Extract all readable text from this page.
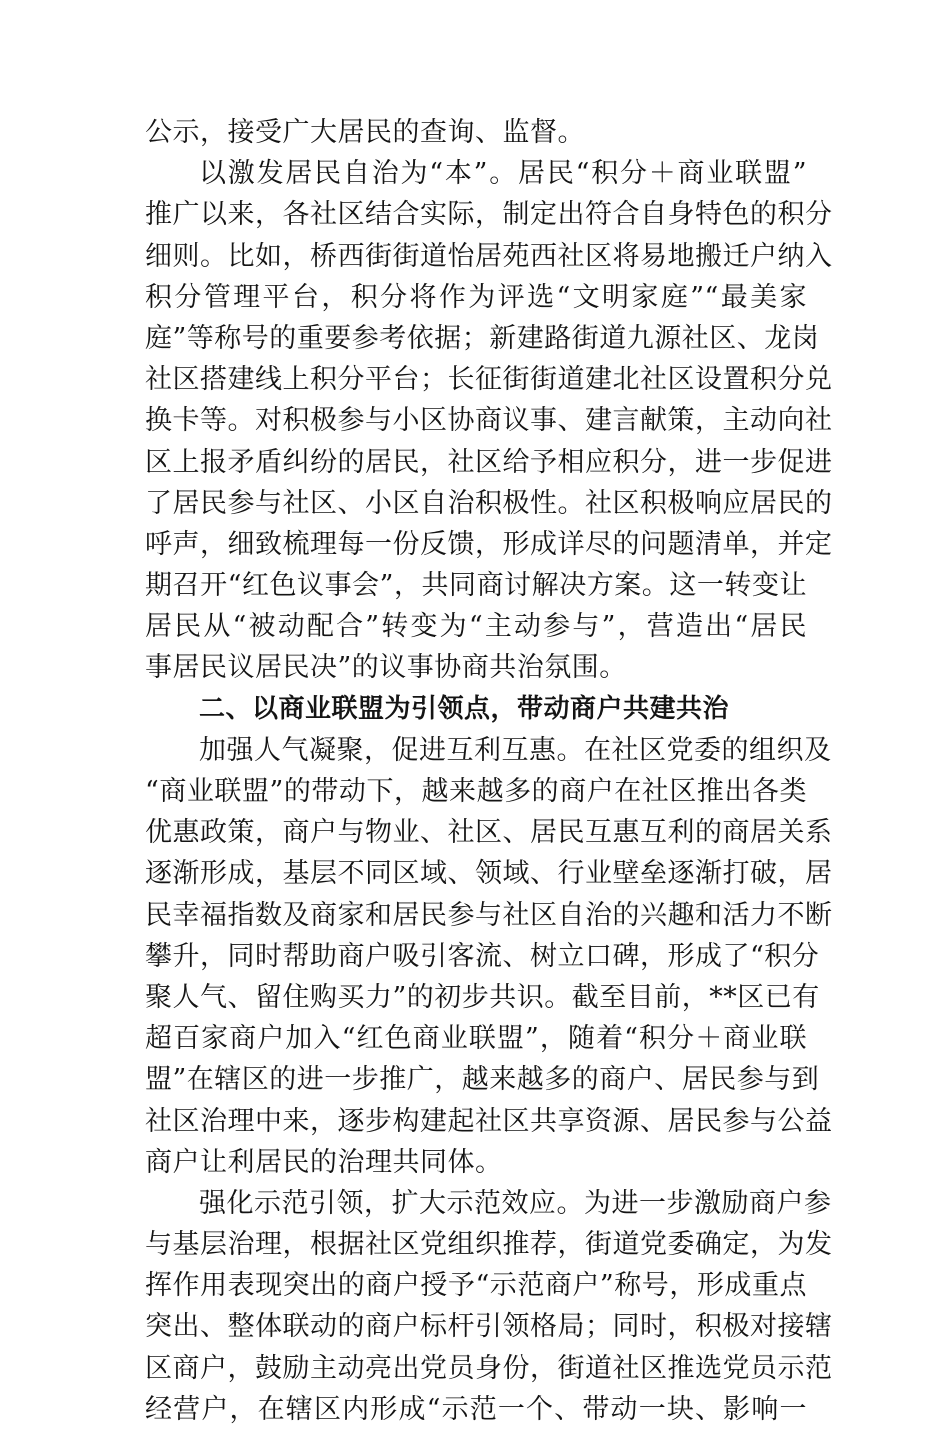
公示，接受广大居民的查询、监督。
以激发居民自治为“本”。居民“积分＋商业联盟”
推广以来，各社区结合实际，制定出符合自身特色的积分
细则。比如，桥西街街道怡居苑西社区将易地搬迁户纳入
积分管理平台，积分将作为评选“文明家庭”“最美家
庭”等称号的重要参考依据；新建路街道九源社区、龙岗
社区搭建线上积分平台；长征街街道建北社区设置积分兑
换卡等。对积极参与小区协商议事、建言献策，主动向社
区上报矛盾纠纷的居民，社区给予相应积分，进一步促进
了居民参与社区、小区自治积极性。社区积极响应居民的
呼声，细致梳理每一份反馈，形成详尽的问题清单，并定
期召开“红色议事会”，共同商讨解决方案。这一转变让
居民从“被动配合”转变为“主动参与”，营造出“居民
事居民议居民决”的议事协商共治氛围。
二、以商业联盟为引领点，带动商户共建共治
加强人气凝聚，促进互利互惠。在社区党委的组织及
“商业联盟”的带动下，越来越多的商户在社区推出各类
优惠政策，商户与物业、社区、居民互惠互利的商居关系
逐渐形成，基层不同区域、领域、行业壁垒逐渐打破，居
民幸福指数及商家和居民参与社区自治的兴趣和活力不断
攀升，同时帮助商户吸引客流、树立口碑，形成了“积分
聚人气、留住购买力”的初步共识。截至目前，**区已有
超百家商户加入“红色商业联盟”，随着“积分＋商业联
盟”在辖区的进一步推广，越来越多的商户、居民参与到
社区治理中来，逐步构建起社区共享资源、居民参与公益
商户让利居民的治理共同体。
强化示范引领，扩大示范效应。为进一步激励商户参
与基层治理，根据社区党组织推荐，街道党委确定，为发
挥作用表现突出的商户授予“示范商户”称号，形成重点
突出、整体联动的商户标杆引领格局；同时，积极对接辖
区商户，鼓励主动亮出党员身份，街道社区推选党员示范
经营户，在辖区内形成“示范一个、带动一块、影响一
